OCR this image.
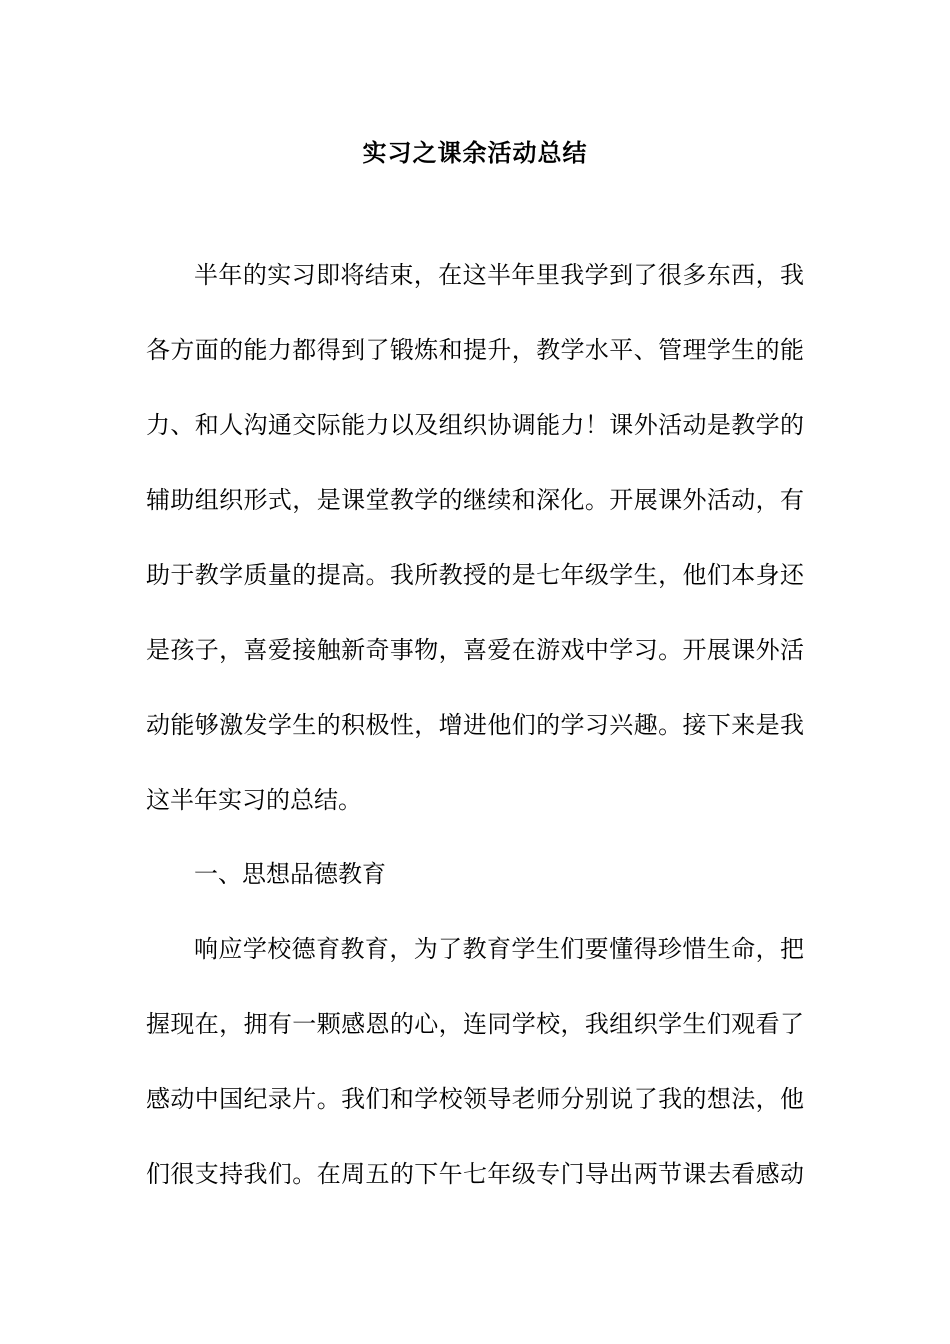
实习之课余活动总结
半年的实习即将结束，在这半年里我学到了很多东西，我
各方面的能力都得到了锻炼和提升，教学水平、管理学生的能
力、和人沟通交际能力以及组织协调能力！课外活动是教学的
辅助组织形式，是课堂教学的继续和深化。开展课外活动，有
助于教学质量的提高。我所教授的是七年级学生，他们本身还
是孩子，喜爱接触新奇事物，喜爱在游戏中学习。开展课外活
动能够激发学生的积极性，增进他们的学习兴趣。接下来是我
这半年实习的总结。
一、思想品德教育
响应学校德育教育，为了教育学生们要懂得珍惜生命，把
握现在，拥有一颗感恩的心，连同学校，我组织学生们观看了
感动中国纪录片。我们和学校领导老师分别说了我的想法，他
们很支持我们。在周五的下午七年级专门导出两节课去看感动
